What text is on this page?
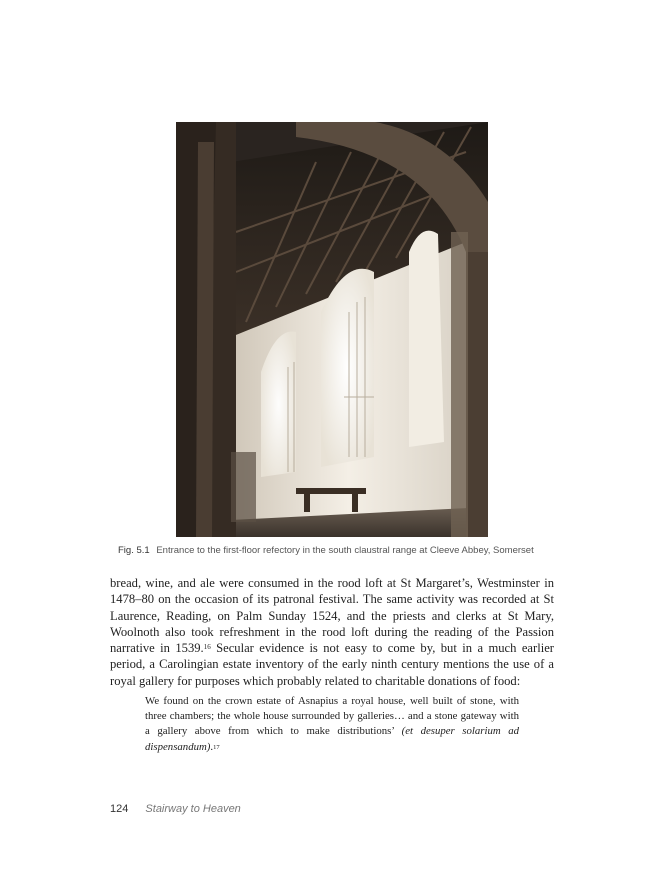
Fig. 5.1 Entrance to the first-floor refectory in the south claustral range at Cleeve Abbey, Somerset
bread, wine, and ale were consumed in the rood loft at St Margaret’s, Westminster in 1478–80 on the occasion of its patronal festival. The same activity was recorded at St Laurence, Reading, on Palm Sunday 1524, and the priests and clerks at St Mary, Woolnoth also took refreshment in the rood loft during the reading of the Passion narrative in 1539.16 Secular evidence is not easy to come by, but in a much earlier period, a Carolingian estate inventory of the early ninth century mentions the use of a royal gallery for purposes which probably related to charitable donations of food:
We found on the crown estate of Asnapius a royal house, well built of stone, with three chambers; the whole house surrounded by galleries… and a stone gateway with a gallery above from which to make distributions’ (et desuper solarium ad dispensandum).$^{17}$
124 Stairway to Heaven
